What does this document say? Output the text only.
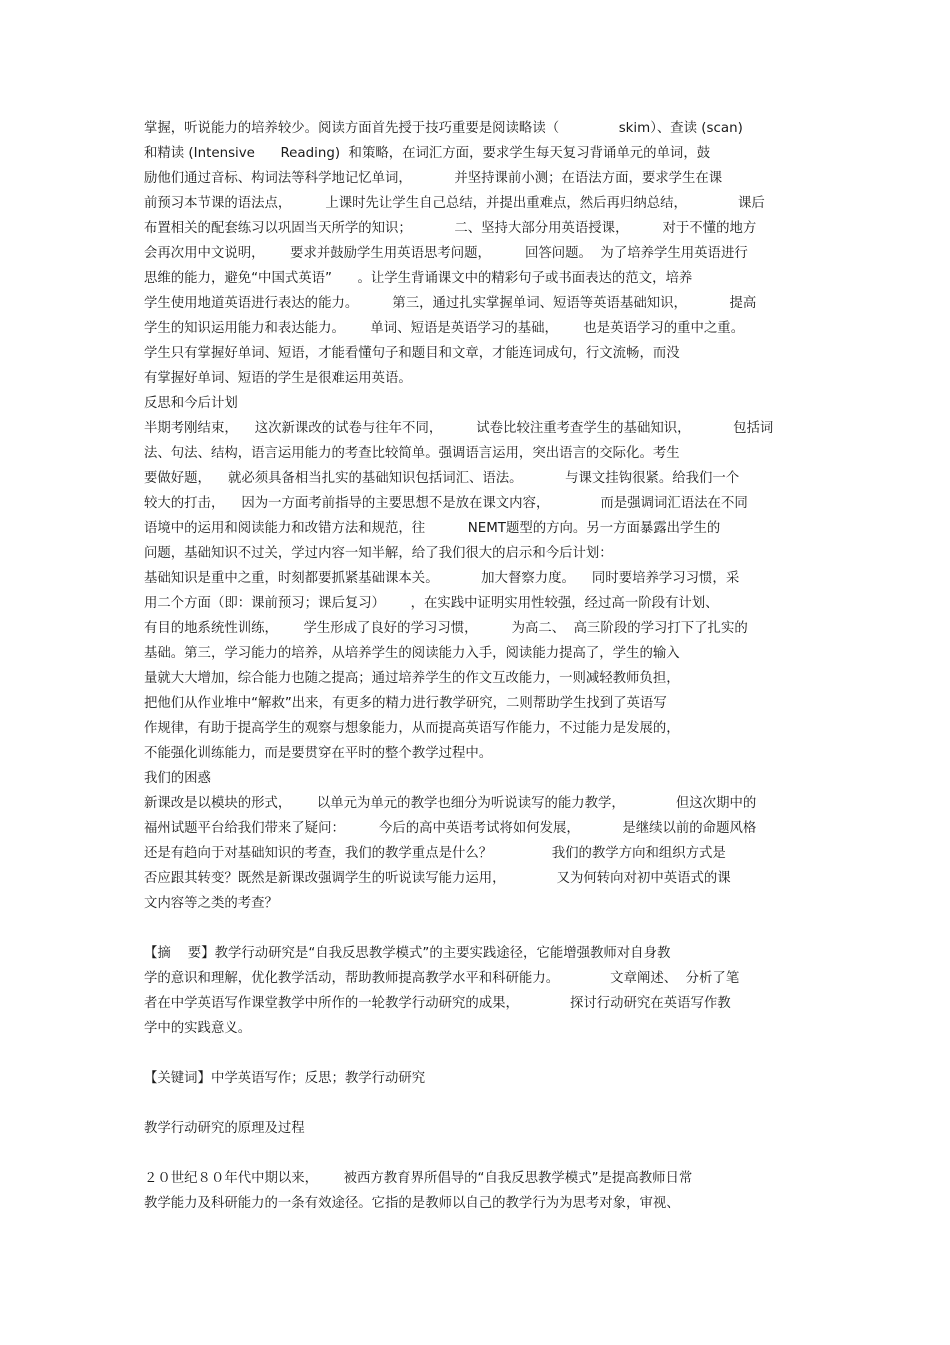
掌握，听说能力的培养较少。阅读方面首先授于技巧重要是阅读略读（              skim）、查读 (scan)
和精读 (Intensive      Reading)  和策略，在词汇方面，要求学生每天复习背诵单元的单词，鼓
励他们通过音标、构词法等科学地记忆单词，          并坚持课前小测；在语法方面，要求学生在课
前预习本节课的语法点，        上课时先让学生自己总结，并提出重难点，然后再归纳总结，            课后
布置相关的配套练习以巩固当天所学的知识；          二、坚持大部分用英语授课，        对于不懂的地方
会再次用中文说明，      要求并鼓励学生用英语思考问题，        回答问题。  为了培养学生用英语进行
思维的能力，避免“中国式英语”      。让学生背诵课文中的精彩句子或书面表达的范文，培养
学生使用地道英语进行表达的能力。        第三，通过扎实掌握单词、短语等英语基础知识，          提高
学生的知识运用能力和表达能力。      单词、短语是英语学习的基础，      也是英语学习的重中之重。
学生只有掌握好单词、短语，才能看懂句子和题目和文章，才能连词成句，行文流畅，而没
有掌握好单词、短语的学生是很难运用英语。
反思和今后计划
半期考刚结束，    这次新课改的试卷与往年不同，        试卷比较注重考查学生的基础知识，          包括词
法、句法、结构，语言运用能力的考查比较简单。强调语言运用，突出语言的交际化。考生
要做好题，    就必须具备相当扎实的基础知识包括词汇、语法。          与课文挂钩很紧。给我们一个
较大的打击，    因为一方面考前指导的主要思想不是放在课文内容，            而是强调词汇语法在不同
语境中的运用和阅读能力和改错方法和规范，往          NEMT题型的方向。另一方面暴露出学生的
问题，基础知识不过关，学过内容一知半解，给了我们很大的启示和今后计划：
基础知识是重中之重，时刻都要抓紧基础课本关。          加大督察力度。    同时要培养学习习惯，采
用二个方面（即：课前预习；课后复习）      ，在实践中证明实用性较强，经过高一阶段有计划、
有目的地系统性训练，      学生形成了良好的学习习惯，        为高二、  高三阶段的学习打下了扎实的
基础。第三，学习能力的培养，从培养学生的阅读能力入手，阅读能力提高了，学生的输入
量就大大增加，综合能力也随之提高；通过培养学生的作文互改能力，一则减轻教师负担，
把他们从作业堆中“解救”出来，有更多的精力进行教学研究，二则帮助学生找到了英语写
作规律，有助于提高学生的观察与想象能力，从而提高英语写作能力，不过能力是发展的，
不能强化训练能力，而是要贯穿在平时的整个教学过程中。
我们的困惑
新课改是以模块的形式，      以单元为单元的教学也细分为听说读写的能力教学，            但这次期中的
福州试题平台给我们带来了疑问：        今后的高中英语考试将如何发展，          是继续以前的命题风格
还是有趋向于对基础知识的考查，我们的教学重点是什么？              我们的教学方向和组织方式是
否应跟其转变？既然是新课改强调学生的听说读写能力运用，            又为何转向对初中英语式的课
文内容等之类的考查？
【摘    要】教学行动研究是“自我反思教学模式”的主要实践途径，它能增强教师对自身教
学的意识和理解，优化教学活动，帮助教师提高教学水平和科研能力。            文章阐述、  分析了笔
者在中学英语写作课堂教学中所作的一轮教学行动研究的成果，            探讨行动研究在英语写作教
学中的实践意义。
【关键词】中学英语写作；反思；教学行动研究
教学行动研究的原理及过程
２０世纪８０年代中期以来，      被西方教育界所倡导的“自我反思教学模式”是提高教师日常
教学能力及科研能力的一条有效途径。它指的是教师以自己的教学行为为思考对象，审视、
